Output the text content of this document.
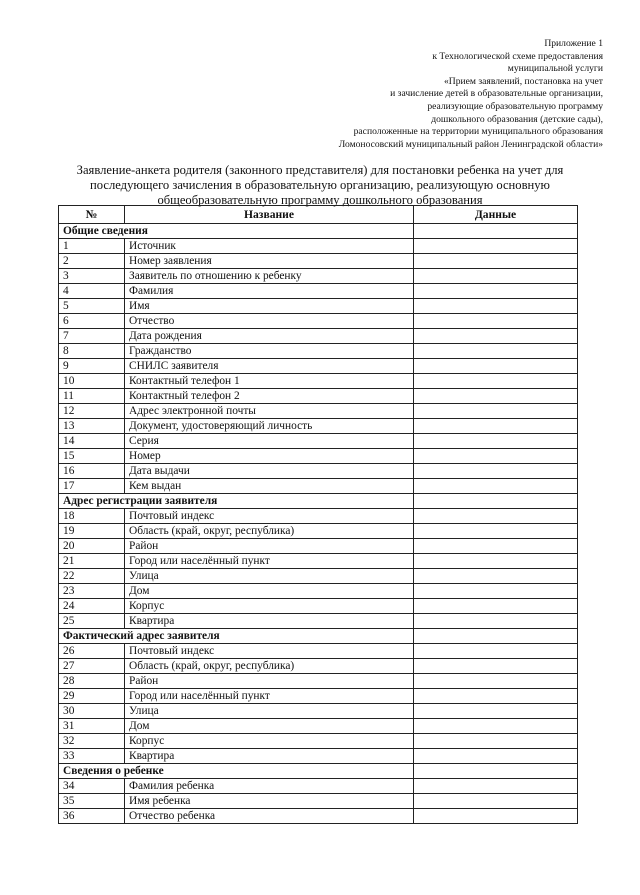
Приложение 1
к Технологической схеме предоставления
муниципальной услуги
«Прием заявлений, постановка на учет
и зачисление детей в образовательные организации,
реализующие образовательную программу
дошкольного образования (детские сады),
расположенные на территории муниципального образования
Ломоносовский муниципальный район Ленинградской области»
Заявление-анкета родителя (законного представителя) для постановки ребенка на учет для
последующего зачисления в образовательную организацию, реализующую основную
общеобразовательную программу дошкольного образования
№	Название	Данные
Общие сведения		
1	Источник	
2	Номер заявления	
3	Заявитель по отношению к ребенку	
4	Фамилия	
5	Имя	
6	Отчество	
7	Дата рождения	
8	Гражданство	
9	СНИЛС заявителя	
10	Контактный телефон 1	
11	Контактный телефон 2	
12	Адрес электронной почты	
13	Документ, удостоверяющий личность	
14	Серия	
15	Номер	
16	Дата выдачи	
17	Кем выдан	
Адрес регистрации заявителя		
18	Почтовый индекс	
19	Область (край, округ, республика)	
20	Район	
21	Город или населённый пункт	
22	Улица	
23	Дом	
24	Корпус	
25	Квартира	
Фактический адрес заявителя		
26	Почтовый индекс	
27	Область (край, округ, республика)	
28	Район	
29	Город или населённый пункт	
30	Улица	
31	Дом	
32	Корпус	
33	Квартира	
Сведения о ребенке		
34	Фамилия ребенка	
35	Имя ребенка	
36	Отчество ребенка	
